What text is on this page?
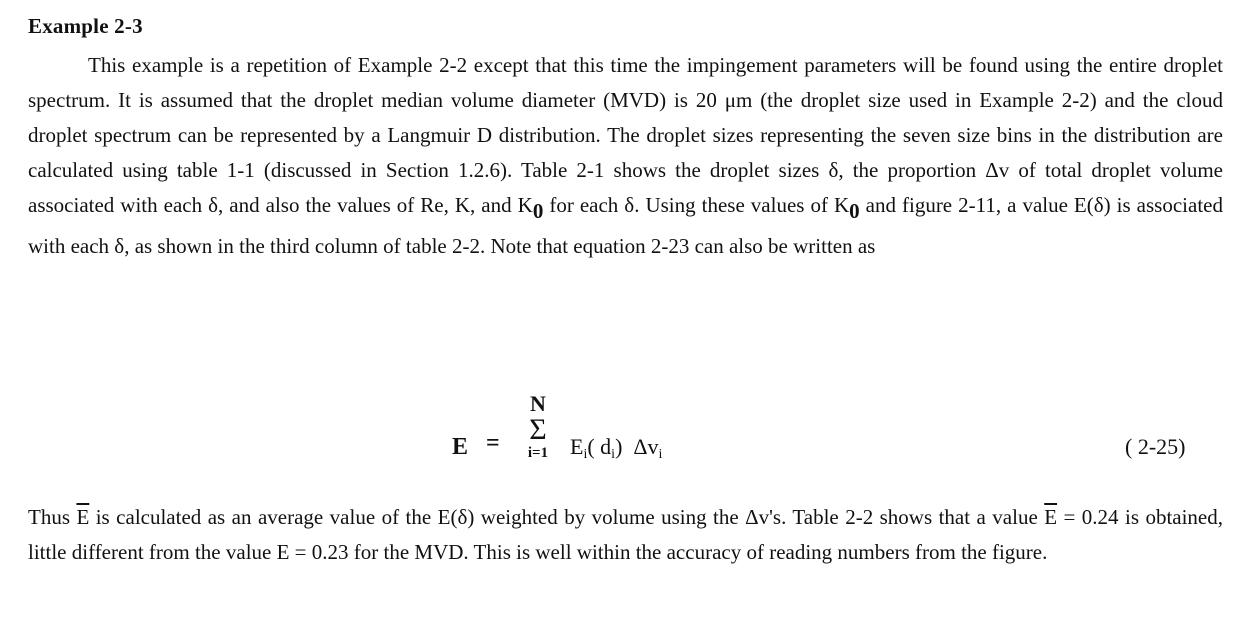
Example 2-3

This example is a repetition of Example 2-2 except that this time the impingement parameters will be found using the entire droplet spectrum. It is assumed that the droplet median volume diameter (MVD) is 20 μm (the droplet size used in Example 2-2) and the cloud droplet spectrum can be represented by a Langmuir D distribution. The droplet sizes representing the seven size bins in the distribution are calculated using table 1-1 (discussed in Section 1.2.6). Table 2-1 shows the droplet sizes δ, the proportion Δv of total droplet volume associated with each δ, and also the values of Re, K, and K0 for each δ. Using these values of K0 and figure 2-11, a value E(δ) is associated with each δ, as shown in the third column of table 2-2. Note that equation 2-23 can also be written as

E =
N
Σ
i=1 Ei( di) Δvi	( 2-25)

Thus $\overline{E}$ is calculated as an average value of the E(δ) weighted by volume using the Δv's. Table 2-2 shows that a value $\overline{E} = 0.24$ is obtained, little different from the value E = 0.23 for the MVD. This is well within the accuracy of reading numbers from the figure.
